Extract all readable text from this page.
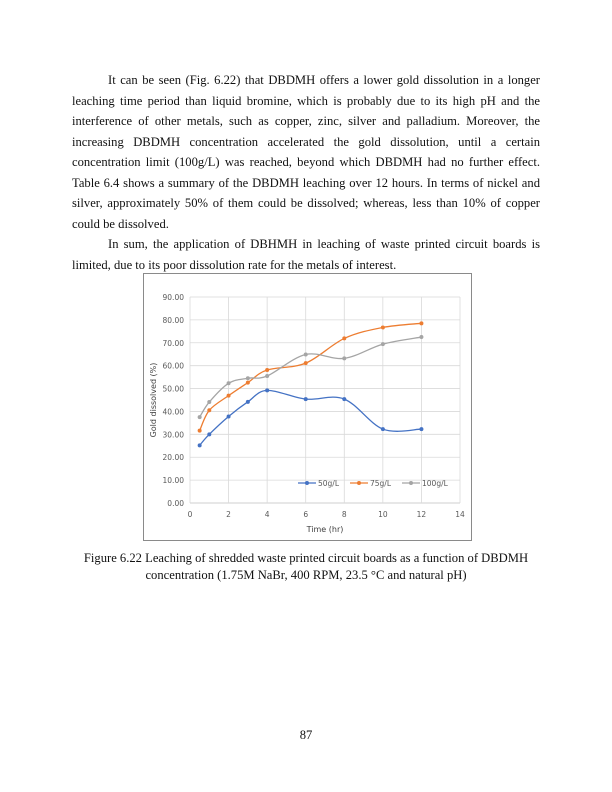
It can be seen (Fig. 6.22) that DBDMH offers a lower gold dissolution in a longer leaching time period than liquid bromine, which is probably due to its high pH and the interference of other metals, such as copper, zinc, silver and palladium. Moreover, the increasing DBDMH concentration accelerated the gold dissolution, until a certain concentration limit (100g/L) was reached, beyond which DBDMH had no further effect. Table 6.4 shows a summary of the DBDMH leaching over 12 hours. In terms of nickel and silver, approximately 50% of them could be dissolved; whereas, less than 10% of copper could be dissolved.

In sum, the application of DBHMH in leaching of waste printed circuit boards is limited, due to its poor dissolution rate for the metals of interest.

0.00
10.00
20.00
30.00
40.00
50.00
60.00
70.00
80.00
90.00
0	2	4	6	8	10	12	14
Time (hr)
Gold dissolved (%)
50g/L	75g/L	100g/L
Figure 6.22 Leaching of shredded waste printed circuit boards as a function of DBDMH
concentration (1.75M NaBr, 400 RPM, 23.5 °C and natural pH)
87
